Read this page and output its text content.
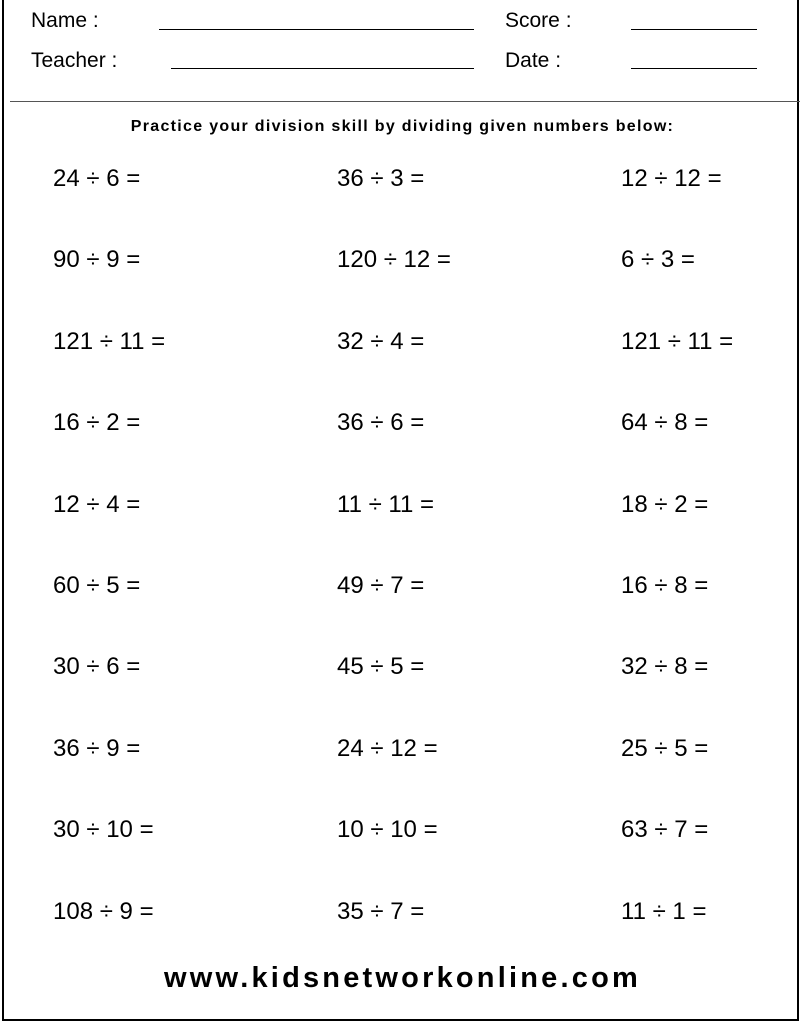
Name :	Score :
Teacher :	Date :
Practice your division skill by dividing given numbers below:
24 ÷ 6 =	36 ÷ 3 =	12 ÷ 12 =
90 ÷ 9 =	120 ÷ 12 =	6 ÷ 3 =
121 ÷ 11 =	32 ÷ 4 =	121 ÷ 11 =
16 ÷ 2 =	36 ÷ 6 =	64 ÷ 8 =
12 ÷ 4 =	11 ÷ 11 =	18 ÷ 2 =
60 ÷ 5 =	49 ÷ 7 =	16 ÷ 8 =
30 ÷ 6 =	45 ÷ 5 =	32 ÷ 8 =
36 ÷ 9 =	24 ÷ 12 =	25 ÷ 5 =
30 ÷ 10 =	10 ÷ 10 =	63 ÷ 7 =
108 ÷ 9 =	35 ÷ 7 =	11 ÷ 1 =
www.kidsnetworkonline.com
